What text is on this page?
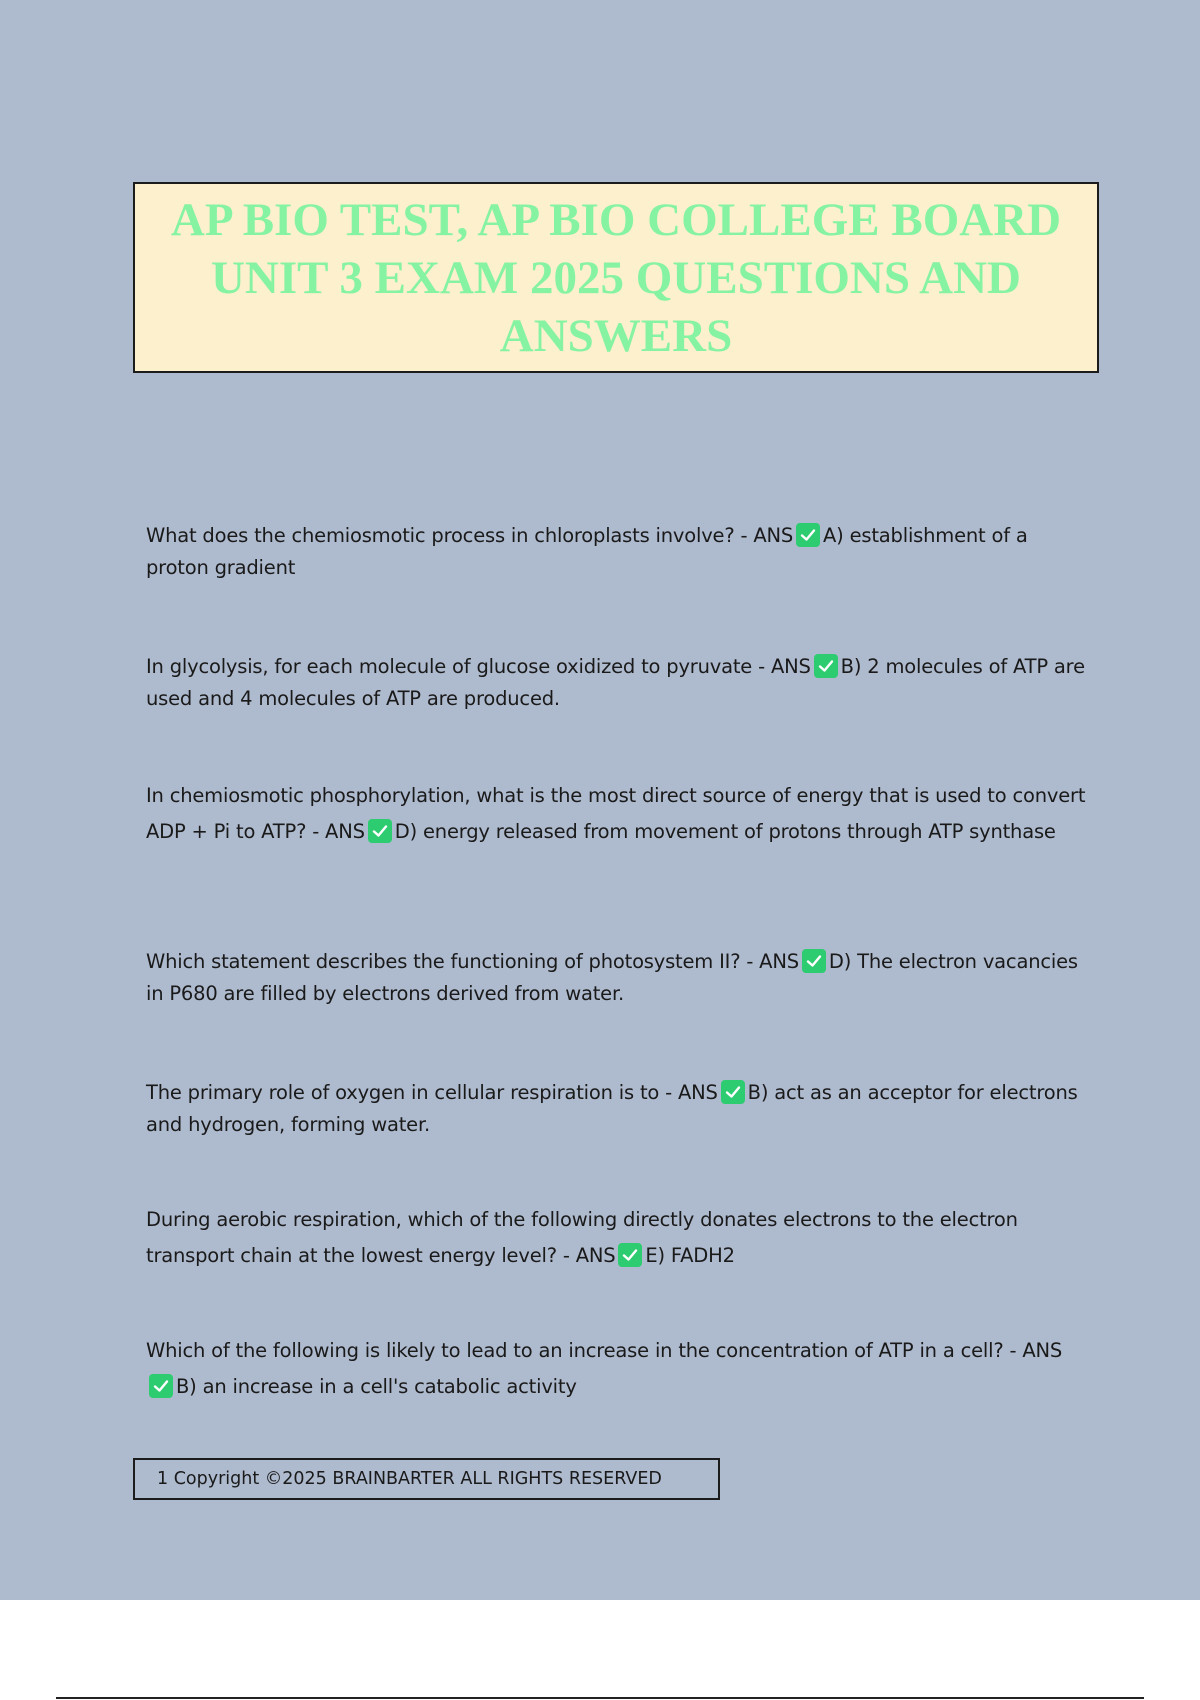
AP BIO TEST, AP BIO COLLEGE BOARD UNIT 3 EXAM 2025 QUESTIONS AND ANSWERS

What does the chemiosmotic process in chloroplasts involve? - ANS A) establishment of a proton gradient

In glycolysis, for each molecule of glucose oxidized to pyruvate - ANS B) 2 molecules of ATP are used and 4 molecules of ATP are produced.

In chemiosmotic phosphorylation, what is the most direct source of energy that is used to convert ADP + Pi to ATP? - ANS D) energy released from movement of protons through ATP synthase

Which statement describes the functioning of photosystem II? - ANS D) The electron vacancies in P680 are filled by electrons derived from water.

The primary role of oxygen in cellular respiration is to - ANS B) act as an acceptor for electrons and hydrogen, forming water.

During aerobic respiration, which of the following directly donates electrons to the electron transport chain at the lowest energy level? - ANS E) FADH2

Which of the following is likely to lead to an increase in the concentration of ATP in a cell? - ANS
B) an increase in a cell's catabolic activity

1 Copyright ©2025 BRAINBARTER ALL RIGHTS RESERVED
